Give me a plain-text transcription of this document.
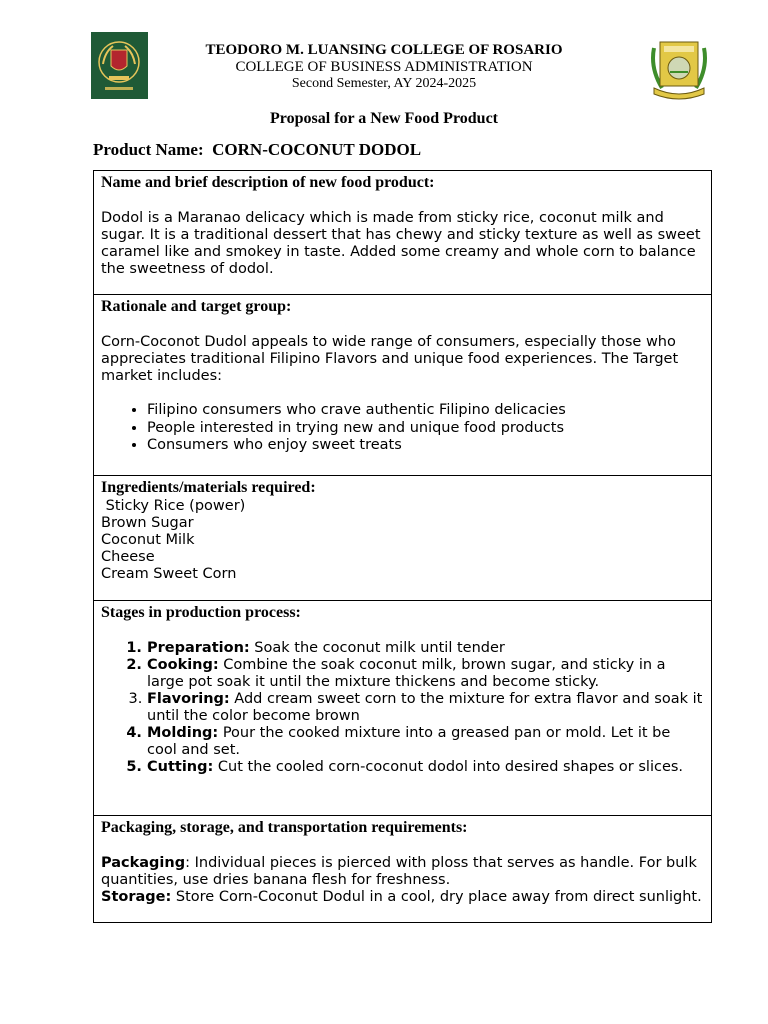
TEODORO M. LUANSING COLLEGE OF ROSARIO
COLLEGE OF BUSINESS ADMINISTRATION
Second Semester, AY 2024-2025
Proposal for a New Food Product
Product Name: CORN-COCONUT DODOL
Name and brief description of new food product:
Dodol is a Maranao delicacy which is made from sticky rice, coconut milk and sugar. It is a traditional dessert that has chewy and sticky texture as well as sweet caramel like and smokey in taste. Added some creamy and whole corn to balance the sweetness of dodol.

Rationale and target group:
Corn-Coconot Dudol appeals to wide range of consumers, especially those who appreciates traditional Filipino Flavors and unique food experiences. The Target market includes:
• Filipino consumers who crave authentic Filipino delicacies
• People interested in trying new and unique food products
• Consumers who enjoy sweet treats

Ingredients/materials required:
Sticky Rice (power)
Brown Sugar
Coconut Milk
Cheese
Cream Sweet Corn

Stages in production process:
1. Preparation: Soak the coconut milk until tender
2. Cooking: Combine the soak coconut milk, brown sugar, and sticky in a large pot soak it until the mixture thickens and become sticky.
3. Flavoring: Add cream sweet corn to the mixture for extra flavor and soak it until the color become brown
4. Molding: Pour the cooked mixture into a greased pan or mold. Let it be cool and set.
5. Cutting: Cut the cooled corn-coconut dodol into desired shapes or slices.

Packaging, storage, and transportation requirements:
Packaging: Individual pieces is pierced with ploss that serves as handle. For bulk quantities, use dries banana flesh for freshness.
Storage: Store Corn-Coconut Dodul in a cool, dry place away from direct sunlight.
